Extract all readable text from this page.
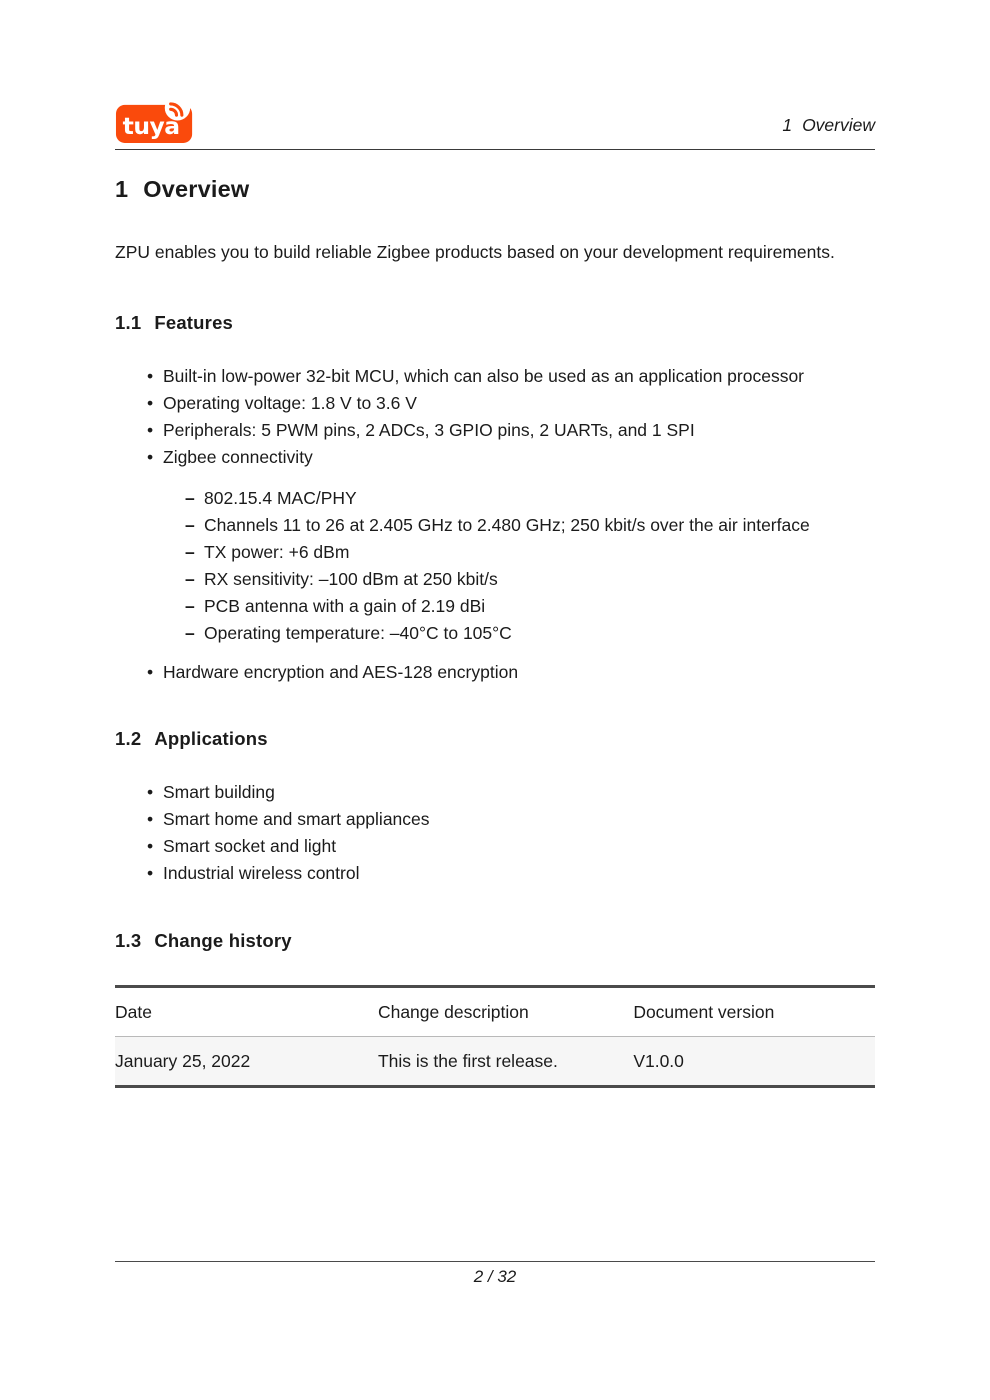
tuya	1 Overview
1 Overview

ZPU enables you to build reliable Zigbee products based on your development requirements.

1.1 Features
• Built-in low-power 32-bit MCU, which can also be used as an application processor
• Operating voltage: 1.8 V to 3.6 V
• Peripherals: 5 PWM pins, 2 ADCs, 3 GPIO pins, 2 UARTs, and 1 SPI
• Zigbee connectivity
– 802.15.4 MAC/PHY
– Channels 11 to 26 at 2.405 GHz to 2.480 GHz; 250 kbit/s over the air interface
– TX power: +6 dBm
– RX sensitivity: –100 dBm at 250 kbit/s
– PCB antenna with a gain of 2.19 dBi
– Operating temperature: –40°C to 105°C
• Hardware encryption and AES-128 encryption
1.2 Applications
• Smart building
• Smart home and smart appliances
• Smart socket and light
• Industrial wireless control
1.3 Change history
Date	Change description	Document version
January 25, 2022	This is the first release.	V1.0.0
2 / 32
